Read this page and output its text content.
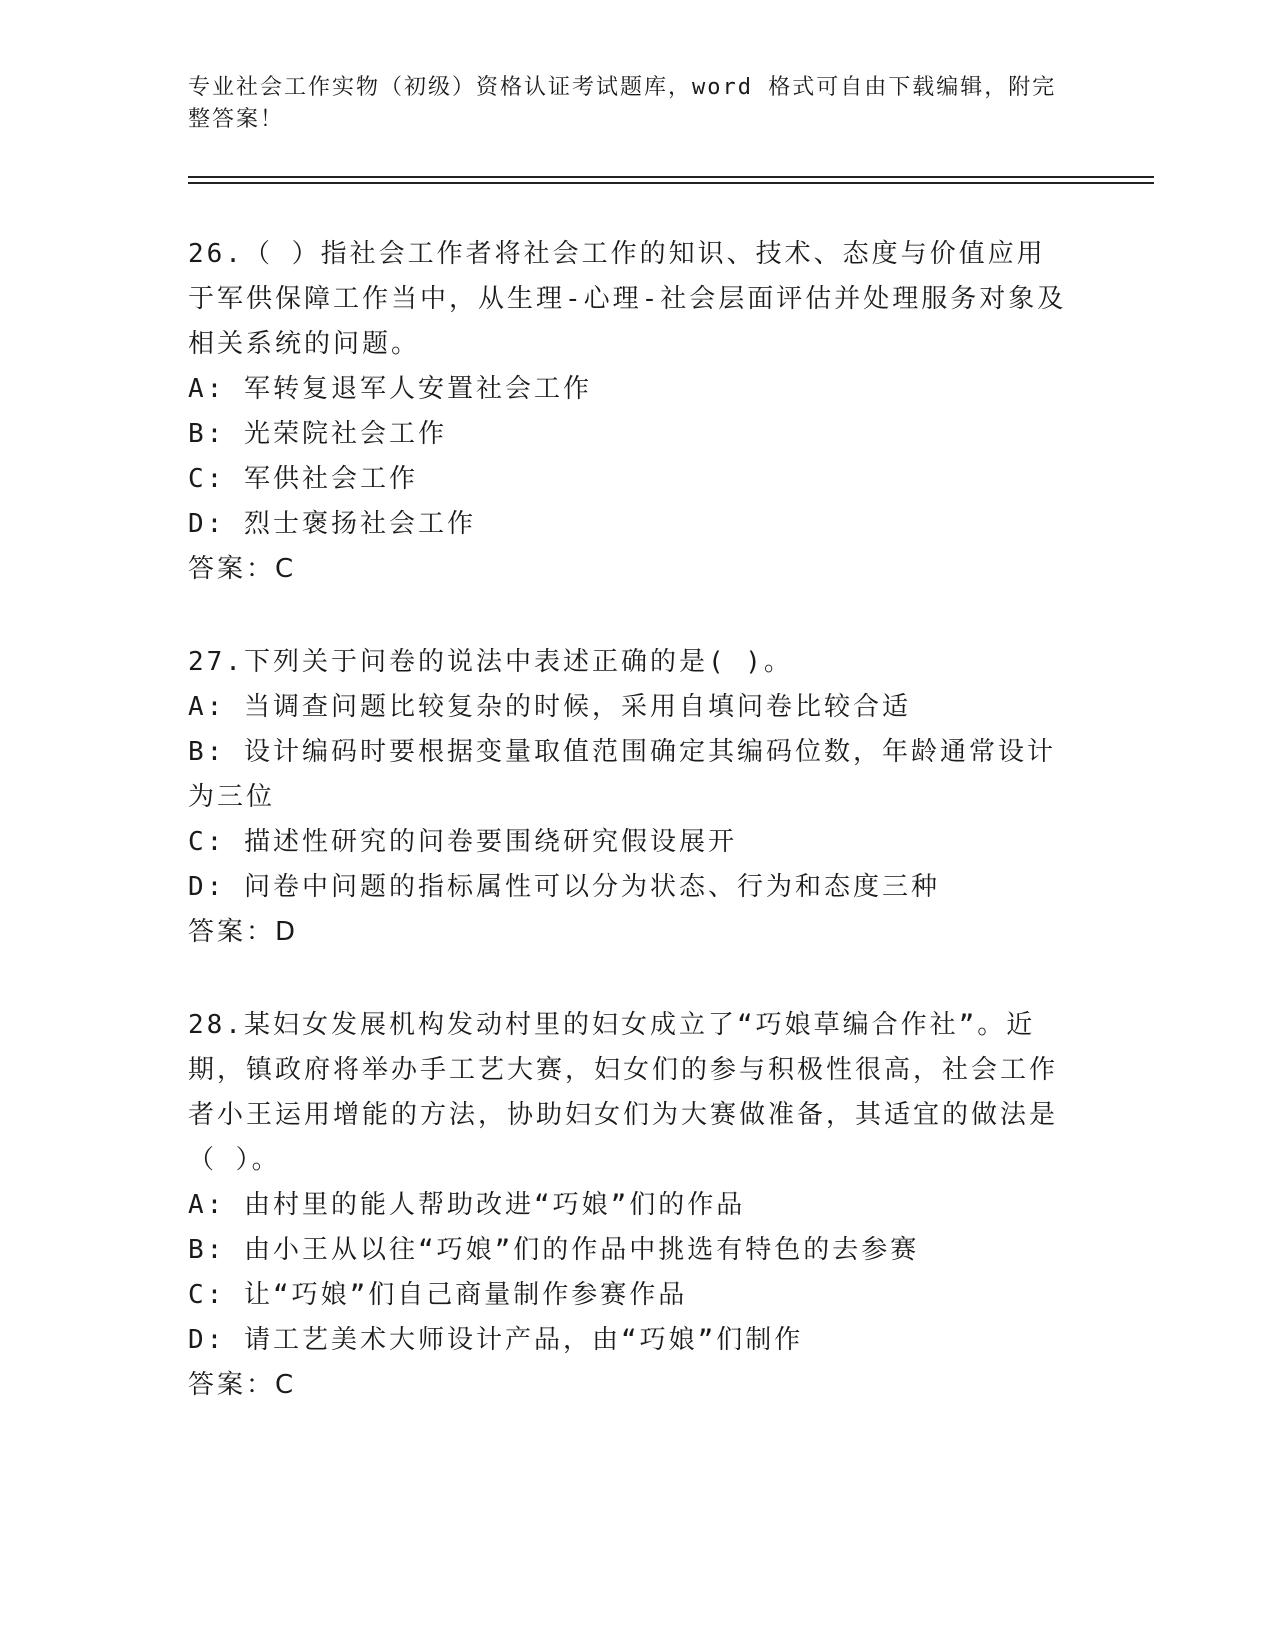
专业社会工作实物（初级）资格认证考试题库，word 格式可自由下载编辑，附完整答案！

26.（ ）指社会工作者将社会工作的知识、技术、态度与价值应用于军供保障工作当中，从生理-心理-社会层面评估并处理服务对象及相关系统的问题。

A: 军转复退军人安置社会工作

B: 光荣院社会工作

C: 军供社会工作

D: 烈士褒扬社会工作

答案：C

27.下列关于问卷的说法中表述正确的是( )。

A: 当调查问题比较复杂的时候，采用自填问卷比较合适

B: 设计编码时要根据变量取值范围确定其编码位数，年龄通常设计为三位

C: 描述性研究的问卷要围绕研究假设展开

D: 问卷中问题的指标属性可以分为状态、行为和态度三种

答案：D

28.某妇女发展机构发动村里的妇女成立了“巧娘草编合作社”。近期，镇政府将举办手工艺大赛，妇女们的参与积极性很高，社会工作者小王运用增能的方法，协助妇女们为大赛做准备，其适宜的做法是（ ）。

A: 由村里的能人帮助改进“巧娘”们的作品

B: 由小王从以往“巧娘”们的作品中挑选有特色的去参赛

C: 让“巧娘”们自己商量制作参赛作品

D: 请工艺美术大师设计产品，由“巧娘”们制作

答案：C
